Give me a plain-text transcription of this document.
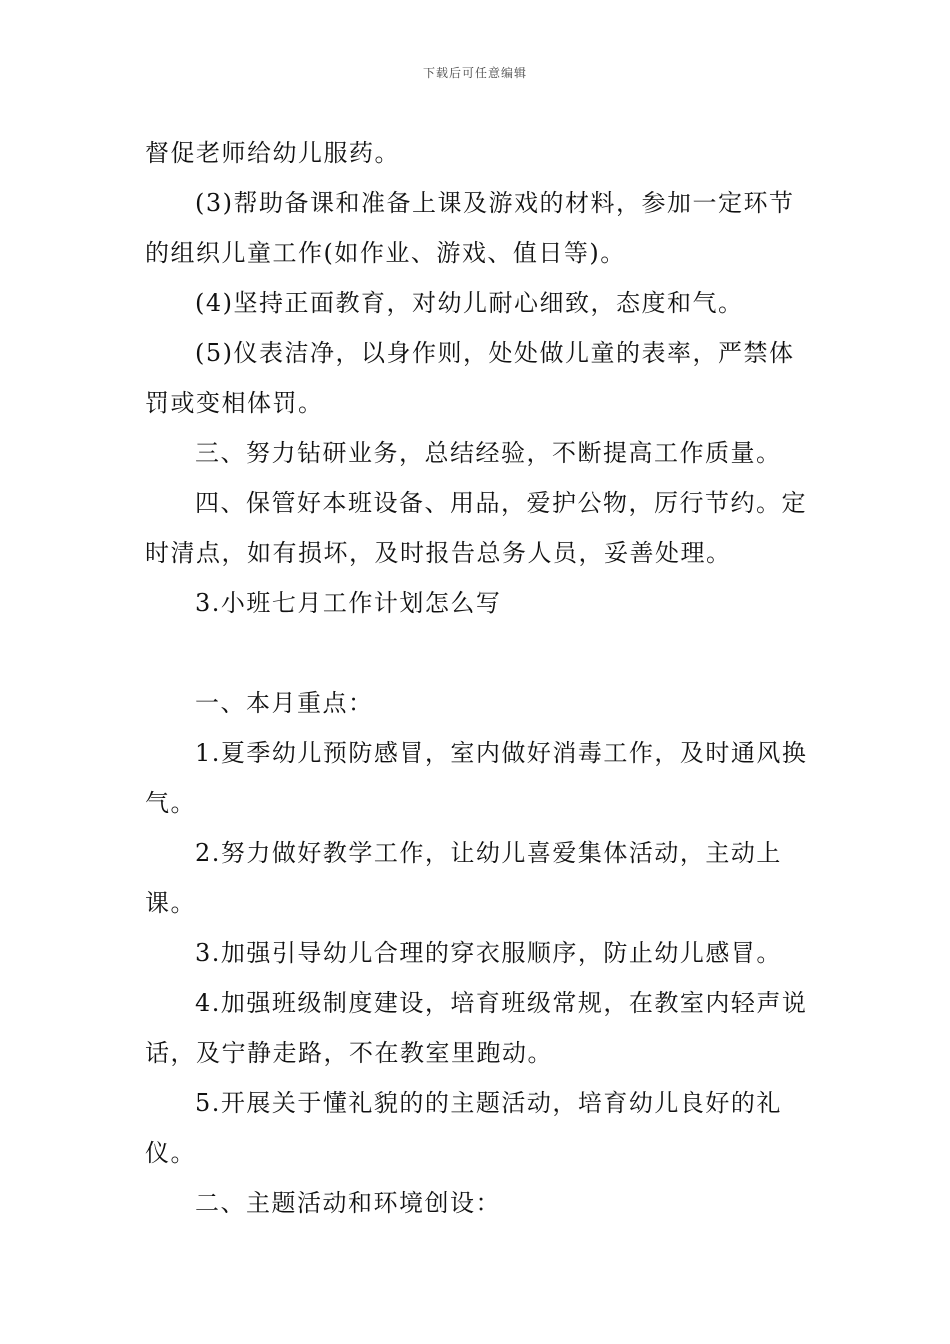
下载后可任意编辑

督促老师给幼儿服药。

(3)帮助备课和准备上课及游戏的材料，参加一定环节的组织儿童工作(如作业、游戏、值日等)。

(4)坚持正面教育，对幼儿耐心细致，态度和气。

(5)仪表洁净，以身作则，处处做儿童的表率，严禁体罚或变相体罚。

三、努力钻研业务，总结经验，不断提高工作质量。

四、保管好本班设备、用品，爱护公物，厉行节约。定时清点，如有损坏，及时报告总务人员，妥善处理。

3.小班七月工作计划怎么写

一、本月重点：

1.夏季幼儿预防感冒，室内做好消毒工作，及时通风换气。

2.努力做好教学工作，让幼儿喜爱集体活动，主动上课。

3.加强引导幼儿合理的穿衣服顺序，防止幼儿感冒。

4.加强班级制度建设，培育班级常规，在教室内轻声说话，及宁静走路，不在教室里跑动。

5.开展关于懂礼貌的的主题活动，培育幼儿良好的礼仪。

二、主题活动和环境创设：
